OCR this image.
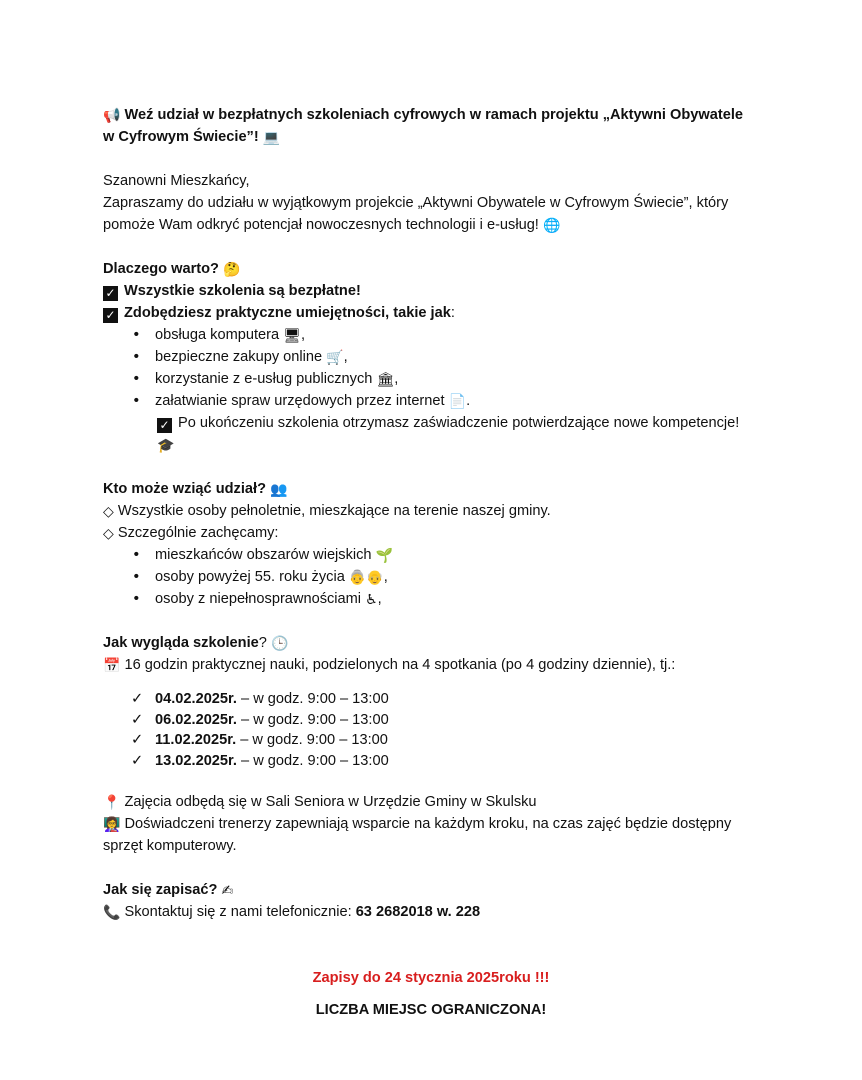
📢 Weź udział w bezpłatnych szkoleniach cyfrowych w ramach projektu „Aktywni Obywatele
w Cyfrowym Świecie”! 💻
Szanowni Mieszkańcy,
Zapraszamy do udziału w wyjątkowym projekcie „Aktywni Obywatele w Cyfrowym Świecie”, który pomoże Wam odkryć potencjał nowoczesnych technologii i e-usług! 🌐
Dlaczego warto? 🤔
✓ Wszystkie szkolenia są bezpłatne!
✓ Zdobędziesz praktyczne umiejętności, takie jak:
• obsługa komputera 🖥,
• bezpieczne zakupy online 🛒,
• korzystanie z e-usług publicznych 🏛,
• załatwianie spraw urzędowych przez internet 📄.
✓ Po ukończeniu szkolenia otrzymasz zaświadczenie potwierdzające nowe kompetencje!
🎓
Kto może wziąć udział? 👥
◇ Wszystkie osoby pełnoletnie, mieszkające na terenie naszej gminy.
◇ Szczególnie zachęcamy:
• mieszkańców obszarów wiejskich 🌱
• osoby powyżej 55. roku życia 👵👴,
• osoby z niepełnosprawnościami ♿,
Jak wygląda szkolenie? 🕒
📅 16 godzin praktycznej nauki, podzielonych na 4 spotkania (po 4 godziny dziennie), tj.:
✓ 04.02.2025r. – w godz. 9:00 – 13:00
✓ 06.02.2025r. – w godz. 9:00 – 13:00
✓ 11.02.2025r. – w godz. 9:00 – 13:00
✓ 13.02.2025r. – w godz. 9:00 – 13:00
📍 Zajęcia odbędą się w Sali Seniora w Urzędzie Gminy w Skulsku
👩‍🏫 Doświadczeni trenerzy zapewniają wsparcie na każdym kroku, na czas zajęć będzie dostępny sprzęt komputerowy.
Jak się zapisać? ✍
📞 Skontaktuj się z nami telefonicznie: 63 2682018 w. 228
Zapisy do 24 stycznia 2025roku !!!
LICZBA MIEJSC OGRANICZONA!
